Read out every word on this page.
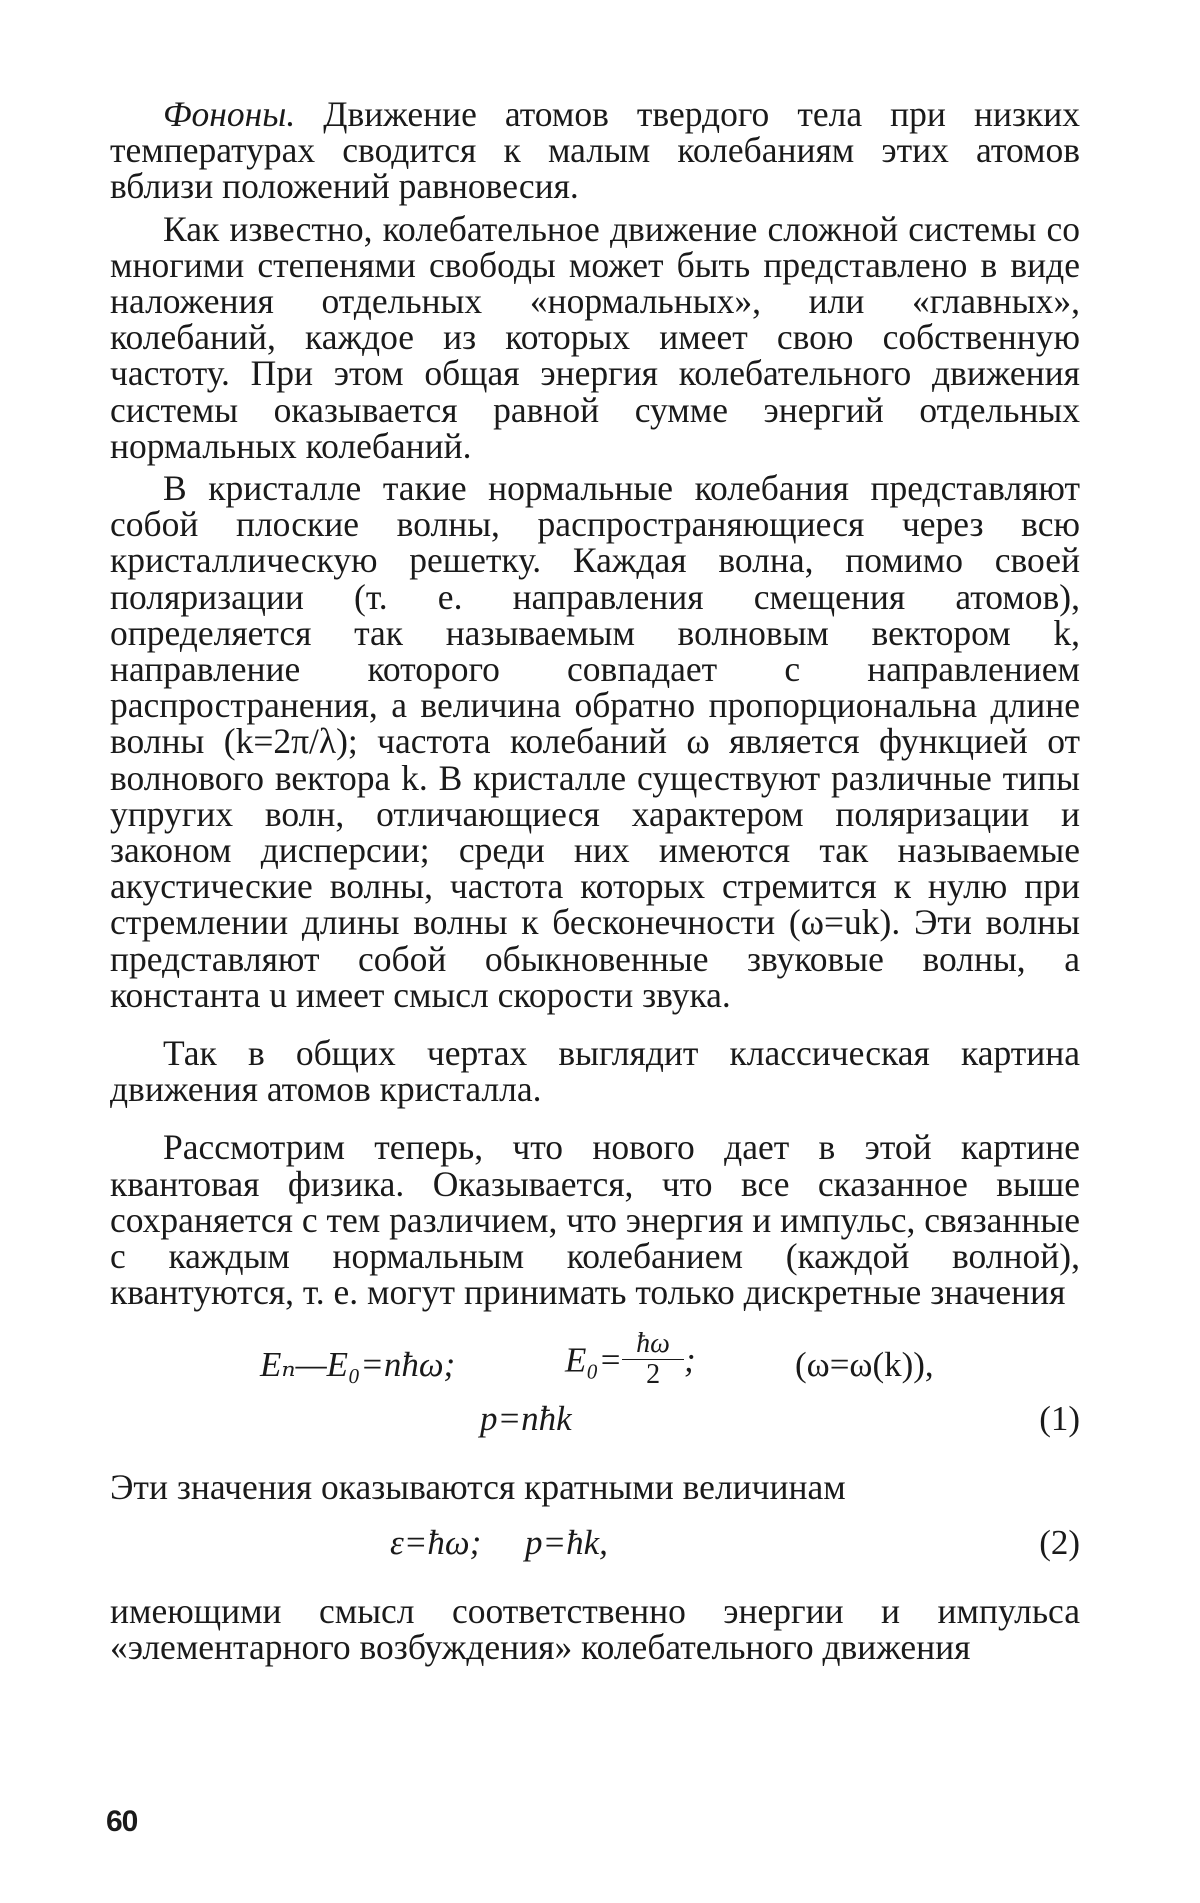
Фононы. Движение атомов твердого тела при низких температурах сводится к малым колебаниям этих атомов вблизи положений равновесия.

Как известно, колебательное движение сложной системы со многими степенями свободы может быть представлено в виде наложения отдельных «нормальных», или «главных», колебаний, каждое из которых имеет свою собственную частоту. При этом общая энергия колебательного движения системы оказывается равной сумме энергий отдельных нормальных колебаний.

В кристалле такие нормальные колебания представляют собой плоские волны, распространяющиеся через всю кристаллическую решетку. Каждая волна, помимо своей поляризации (т. е. направления смещения атомов), определяется так называемым волновым вектором k, направление которого совпадает с направлением распространения, а величина обратно пропорциональна длине волны (k=2π/λ); частота колебаний ω является функцией от волнового вектора k. В кристалле существуют различные типы упругих волн, отличающиеся характером поляризации и законом дисперсии; среди них имеются так называемые акустические волны, частота которых стремится к нулю при стремлении длины волны к бесконечности (ω=uk). Эти волны представляют собой обыкновенные звуковые волны, а константа u имеет смысл скорости звука.

Так в общих чертах выглядит классическая картина движения атомов кристалла.

Рассмотрим теперь, что нового дает в этой картине квантовая физика. Оказывается, что все сказанное выше сохраняется с тем различием, что энергия и импульс, связанные с каждым нормальным колебанием (каждой волной), квантуются, т. е. могут принимать только дискретные значения

Eₙ—E₀=nħω;	$E_0= \frac{ħ\omega}{2}$ ;	(ω=ω(k)),
p=nħk	(1)

Эти значения оказываются кратными величинам

ε=ħω;     p=ħk,	(2)

имеющими смысл соответственно энергии и импульса «элементарного возбуждения» колебательного движения

60
